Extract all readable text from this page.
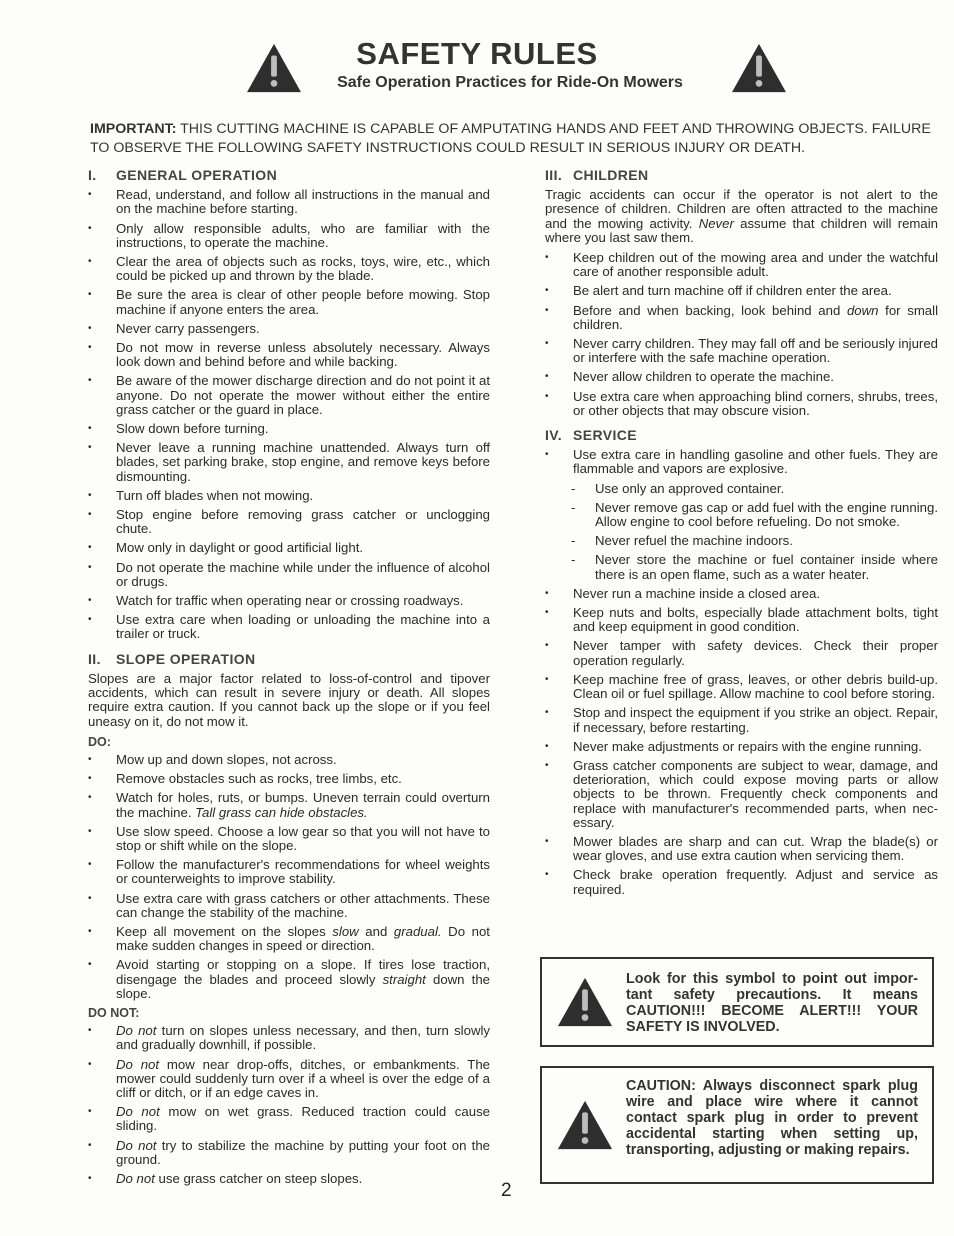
SAFETY RULES
Safe Operation Practices for Ride-On Mowers
IMPORTANT: THIS CUTTING MACHINE IS CAPABLE OF AMPUTATING HANDS AND FEET AND THROWING OBJECTS. FAILURE TO OBSERVE THE FOLLOWING SAFETY INSTRUCTIONS COULD RESULT IN SERIOUS INJURY OR DEATH.
I. GENERAL OPERATION
• Read, understand, and follow all instructions in the manual and on the machine before starting.
• Only allow responsible adults, who are familiar with the instructions, to operate the machine.
• Clear the area of objects such as rocks, toys, wire, etc., which could be picked up and thrown by the blade.
• Be sure the area is clear of other people before mowing. Stop machine if anyone enters the area.
• Never carry passengers.
• Do not mow in reverse unless absolutely necessary. Always look down and behind before and while backing.
• Be aware of the mower discharge direction and do not point it at anyone. Do not operate the mower without either the entire grass catcher or the guard in place.
• Slow down before turning.
• Never leave a running machine unattended. Always turn off blades, set parking brake, stop engine, and remove keys before dismounting.
• Turn off blades when not mowing.
• Stop engine before removing grass catcher or unclogging chute.
• Mow only in daylight or good artificial light.
• Do not operate the machine while under the influence of alcohol or drugs.
• Watch for traffic when operating near or crossing roadways.
• Use extra care when loading or unloading the machine into a trailer or truck.
II. SLOPE OPERATION
Slopes are a major factor related to loss-of-control and tipover accidents, which can result in severe injury or death. All slopes require extra caution. If you cannot back up the slope or if you feel uneasy on it, do not mow it.
DO:
• Mow up and down slopes, not across.
• Remove obstacles such as rocks, tree limbs, etc.
• Watch for holes, ruts, or bumps. Uneven terrain could overturn the machine. Tall grass can hide obstacles.
• Use slow speed. Choose a low gear so that you will not have to stop or shift while on the slope.
• Follow the manufacturer's recommendations for wheel weights or counterweights to improve stability.
• Use extra care with grass catchers or other attachments. These can change the stability of the machine.
• Keep all movement on the slopes slow and gradual. Do not make sudden changes in speed or direction.
• Avoid starting or stopping on a slope. If tires lose traction, disengage the blades and proceed slowly straight down the slope.
DO NOT:
• Do not turn on slopes unless necessary, and then, turn slowly and gradually downhill, if possible.
• Do not mow near drop-offs, ditches, or embankments. The mower could suddenly turn over if a wheel is over the edge of a cliff or ditch, or if an edge caves in.
• Do not mow on wet grass. Reduced traction could cause sliding.
• Do not try to stabilize the machine by putting your foot on the ground.
• Do not use grass catcher on steep slopes.
III. CHILDREN
Tragic accidents can occur if the operator is not alert to the presence of children. Children are often attracted to the machine and the mowing activity. Never assume that children will remain where you last saw them.
• Keep children out of the mowing area and under the watchful care of another responsible adult.
• Be alert and turn machine off if children enter the area.
• Before and when backing, look behind and down for small children.
• Never carry children. They may fall off and be seriously injured or interfere with the safe machine operation.
• Never allow children to operate the machine.
• Use extra care when approaching blind corners, shrubs, trees, or other objects that may obscure vision.
IV. SERVICE
• Use extra care in handling gasoline and other fuels. They are flammable and vapors are explosive.
- Use only an approved container.
- Never remove gas cap or add fuel with the engine running. Allow engine to cool before refueling. Do not smoke.
- Never refuel the machine indoors.
- Never store the machine or fuel container inside where there is an open flame, such as a water heater.
• Never run a machine inside a closed area.
• Keep nuts and bolts, especially blade attachment bolts, tight and keep equipment in good condition.
• Never tamper with safety devices. Check their proper operation regularly.
• Keep machine free of grass, leaves, or other debris build-up. Clean oil or fuel spillage. Allow machine to cool before storing.
• Stop and inspect the equipment if you strike an object. Repair, if necessary, before restarting.
• Never make adjustments or repairs with the engine running.
• Grass catcher components are subject to wear, damage, and deterioration, which could expose moving parts or allow objects to be thrown. Frequently check components and replace with manufacturer's recommended parts, when nec-essary.
• Mower blades are sharp and can cut. Wrap the blade(s) or wear gloves, and use extra caution when servicing them.
• Check brake operation frequently. Adjust and service as required.
Look for this symbol to point out impor-tant safety precautions. It means CAUTION!!! BECOME ALERT!!! YOUR SAFETY IS INVOLVED.
CAUTION: Always disconnect spark plug wire and place wire where it cannot contact spark plug in order to prevent accidental starting when setting up, transporting, adjusting or making repairs.
2
